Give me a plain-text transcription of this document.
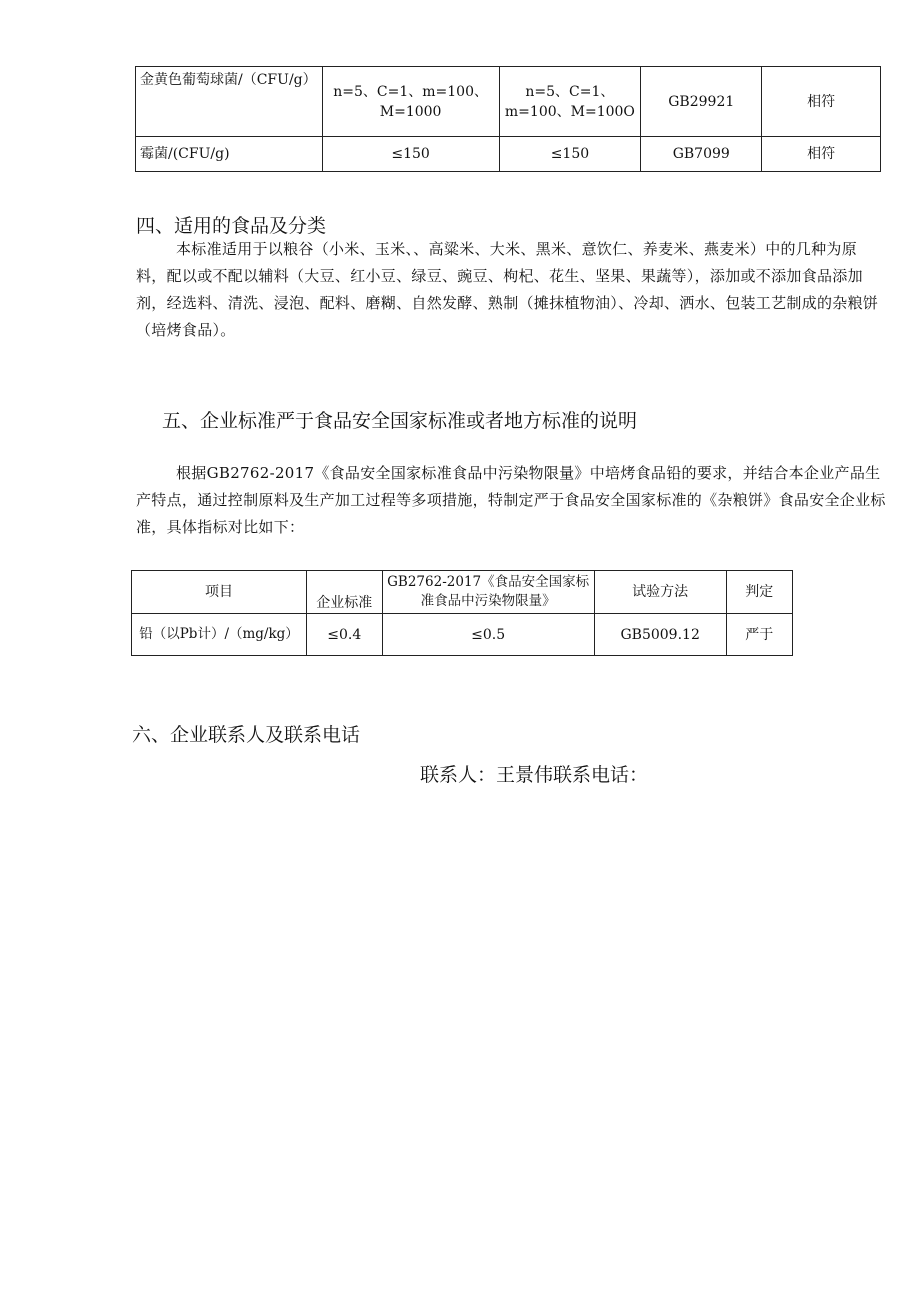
金黄色葡萄球菌/（CFU/g）	n=5、C=1、m=100、M=1000	n=5、C=1、m=100、M=100O	GB29921	相符
霉菌/(CFU/g)	≤150	≤150	GB7099	相符
四、适用的食品及分类

本标准适用于以粮谷（小米、玉米、、高粱米、大米、黑米、意饮仁、养麦米、燕麦米）中的几种为原料，配以或不配以辅料（大豆、红小豆、绿豆、豌豆、枸杞、花生、坚果、果蔬等），添加或不添加食品添加剂，经选料、清洗、浸泡、配料、磨糊、自然发酵、熟制（摊抹植物油）、冷却、洒水、包装工艺制成的杂粮饼（培烤食品）。

五、企业标准严于食品安全国家标准或者地方标准的说明

根据GB2762-2017《食品安全国家标准食品中污染物限量》中培烤食品铅的要求，并结合本企业产品生产特点，通过控制原料及生产加工过程等多项措施，特制定严于食品安全国家标准的《杂粮饼》食品安全企业标准，具体指标对比如下：

项目	企业标准	GB2762-2017《食品安全国家标准食品中污染物限量》	试验方法	判定
铅（以Pb计）/（mg/kg）	≤0.4	≤0.5	GB5009.12	严于
六、企业联系人及联系电话
联系人：王景伟联系电话：
